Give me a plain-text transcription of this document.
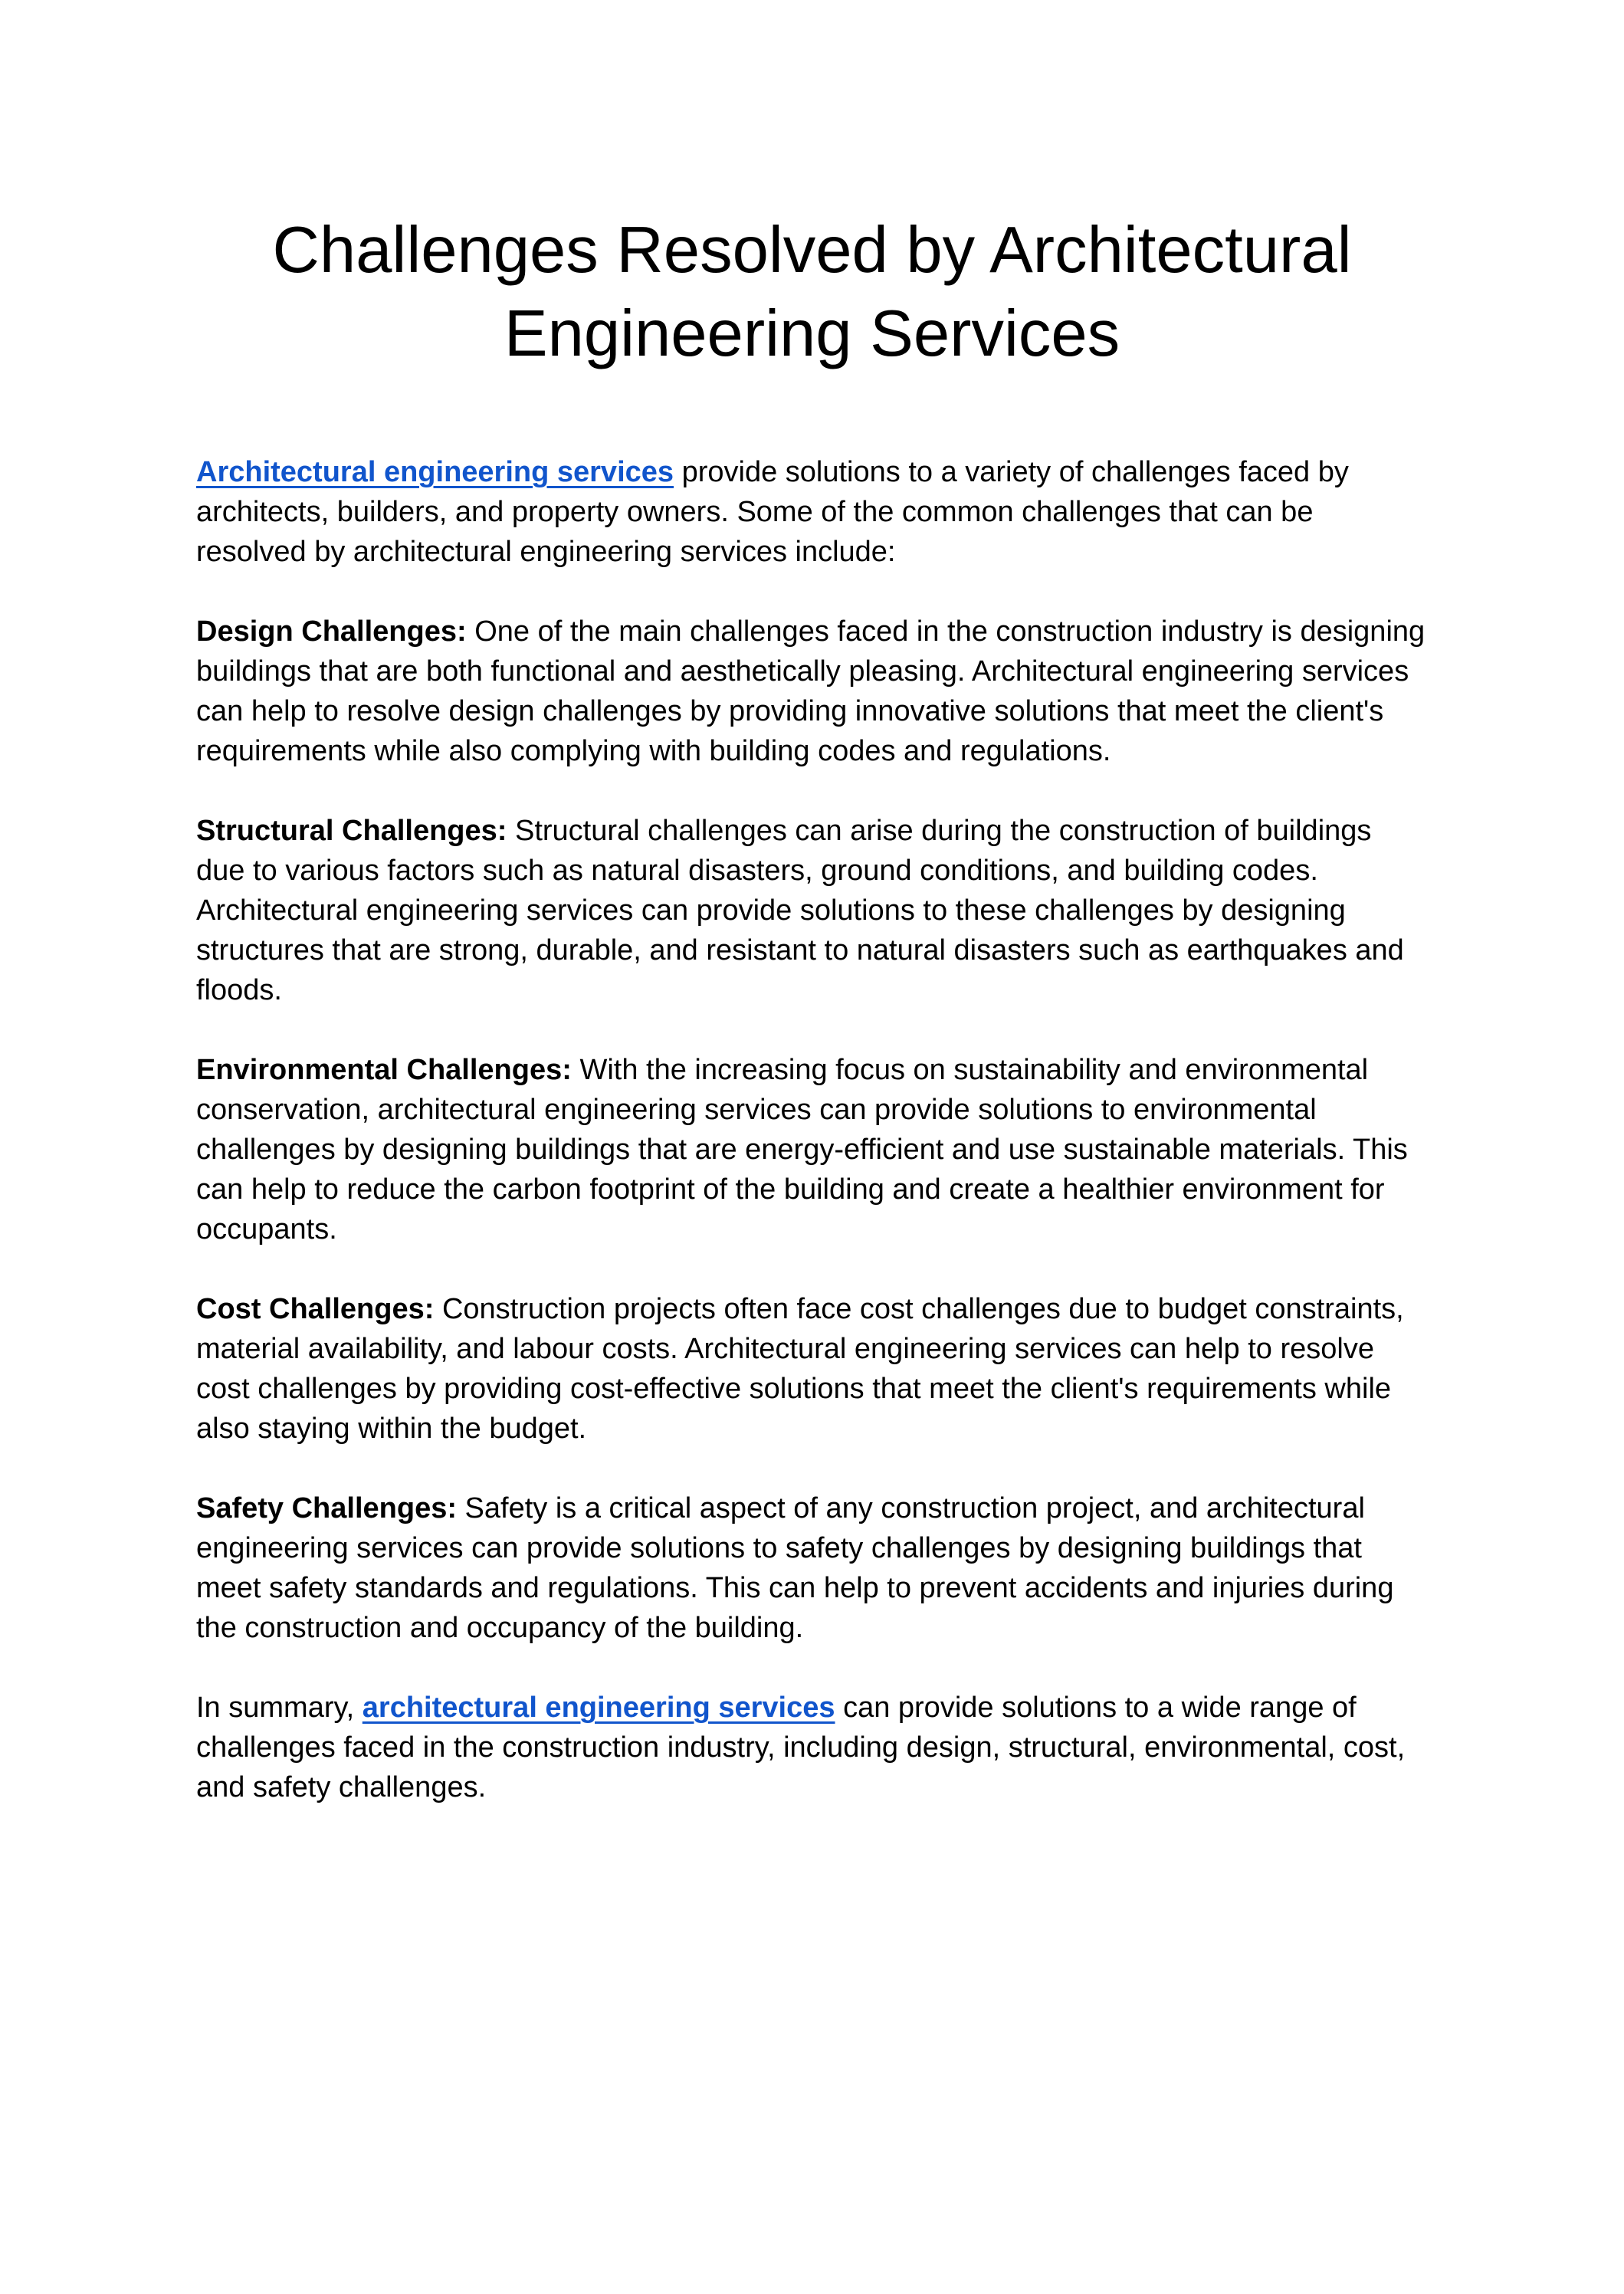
Challenges Resolved by Architectural Engineering Services

Architectural engineering services provide solutions to a variety of challenges faced by architects, builders, and property owners. Some of the common challenges that can be resolved by architectural engineering services include:

Design Challenges: One of the main challenges faced in the construction industry is designing buildings that are both functional and aesthetically pleasing. Architectural engineering services can help to resolve design challenges by providing innovative solutions that meet the client's requirements while also complying with building codes and regulations.

Structural Challenges: Structural challenges can arise during the construction of buildings due to various factors such as natural disasters, ground conditions, and building codes. Architectural engineering services can provide solutions to these challenges by designing structures that are strong, durable, and resistant to natural disasters such as earthquakes and floods.

Environmental Challenges: With the increasing focus on sustainability and environmental conservation, architectural engineering services can provide solutions to environmental challenges by designing buildings that are energy-efficient and use sustainable materials. This can help to reduce the carbon footprint of the building and create a healthier environment for occupants.

Cost Challenges: Construction projects often face cost challenges due to budget constraints, material availability, and labour costs. Architectural engineering services can help to resolve cost challenges by providing cost-effective solutions that meet the client's requirements while also staying within the budget.

Safety Challenges: Safety is a critical aspect of any construction project, and architectural engineering services can provide solutions to safety challenges by designing buildings that meet safety standards and regulations. This can help to prevent accidents and injuries during the construction and occupancy of the building.

In summary, architectural engineering services can provide solutions to a wide range of challenges faced in the construction industry, including design, structural, environmental, cost, and safety challenges.
